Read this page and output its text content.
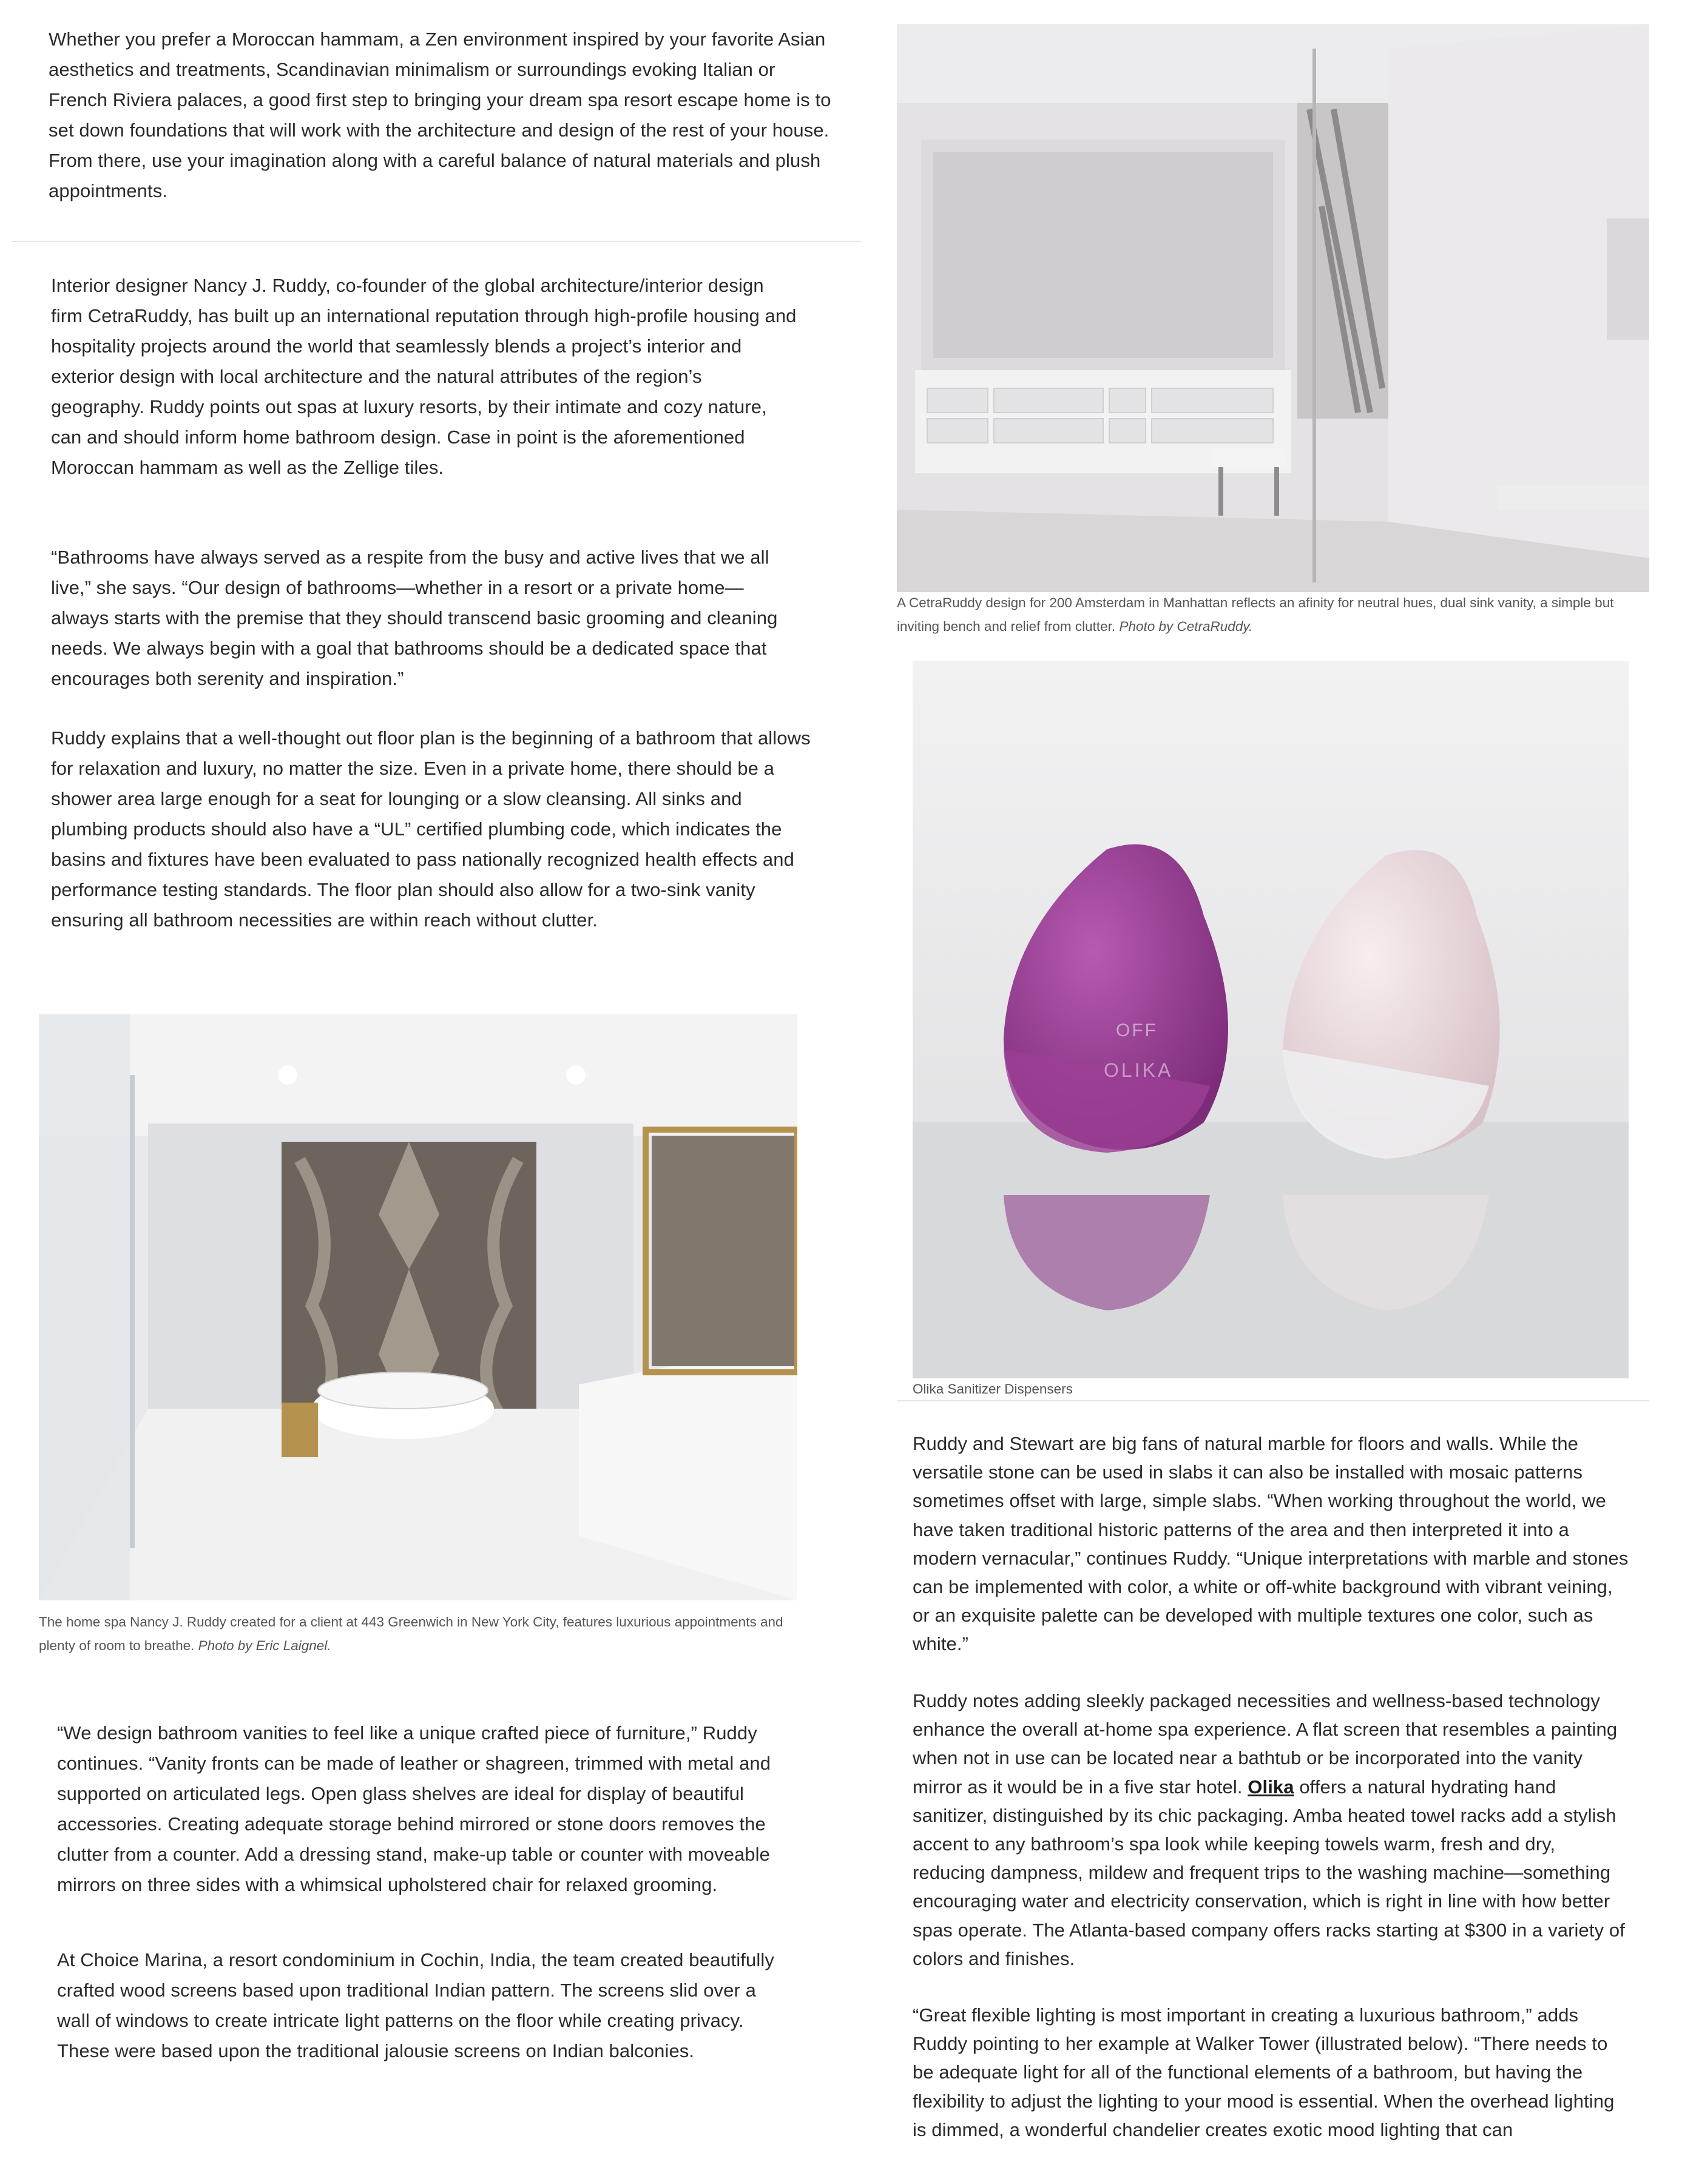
Whether you prefer a Moroccan hammam, a Zen environment inspired by your favorite Asian aesthetics and treatments, Scandinavian minimalism or surroundings evoking Italian or French Riviera palaces, a good first step to bringing your dream spa resort escape home is to set down foundations that will work with the architecture and design of the rest of your house. From there, use your imagination along with a careful balance of natural materials and plush appointments.

Interior designer Nancy J. Ruddy, co-founder of the global architecture/interior design firm CetraRuddy, has built up an international reputation through high-profile housing and hospitality projects around the world that seamlessly blends a project’s interior and exterior design with local architecture and the natural attributes of the region’s geography. Ruddy points out spas at luxury resorts, by their intimate and cozy nature, can and should inform home bathroom design. Case in point is the aforementioned Moroccan hammam as well as the Zellige tiles.

“Bathrooms have always served as a respite from the busy and active lives that we all live,” she says. “Our design of bathrooms—whether in a resort or a private home—always starts with the premise that they should transcend basic grooming and cleaning needs. We always begin with a goal that bathrooms should be a dedicated space that encourages both serenity and inspiration.”

Ruddy explains that a well-thought out floor plan is the beginning of a bathroom that allows for relaxation and luxury, no matter the size. Even in a private home, there should be a shower area large enough for a seat for lounging or a slow cleansing. All sinks and plumbing products should also have a “UL” certified plumbing code, which indicates the basins and fixtures have been evaluated to pass nationally recognized health effects and performance testing standards. The floor plan should also allow for a two-sink vanity ensuring all bathroom necessities are within reach without clutter.

The home spa Nancy J. Ruddy created for a client at 443 Greenwich in New York City, features luxurious appointments and plenty of room to breathe. Photo by Eric Laignel.

“We design bathroom vanities to feel like a unique crafted piece of furniture,” Ruddy continues. “Vanity fronts can be made of leather or shagreen, trimmed with metal and supported on articulated legs. Open glass shelves are ideal for display of beautiful accessories. Creating adequate storage behind mirrored or stone doors removes the clutter from a counter. Add a dressing stand, make-up table or counter with moveable mirrors on three sides with a whimsical upholstered chair for relaxed grooming.

At Choice Marina, a resort condominium in Cochin, India, the team created beautifully crafted wood screens based upon traditional Indian pattern. The screens slid over a wall of windows to create intricate light patterns on the floor while creating privacy. These were based upon the traditional jalousie screens on Indian balconies.

A CetraRuddy design for 200 Amsterdam in Manhattan reflects an afinity for neutral hues, dual sink vanity, a simple but inviting bench and relief from clutter. Photo by CetraRuddy.

OFF
OLIKA
on

Olika Sanitizer Dispensers

Ruddy and Stewart are big fans of natural marble for floors and walls. While the versatile stone can be used in slabs it can also be installed with mosaic patterns sometimes offset with large, simple slabs. “When working throughout the world, we have taken traditional historic patterns of the area and then interpreted it into a modern vernacular,” continues Ruddy. “Unique interpretations with marble and stones can be implemented with color, a white or off-white background with vibrant veining, or an exquisite palette can be developed with multiple textures one color, such as white.”

Ruddy notes adding sleekly packaged necessities and wellness-based technology enhance the overall at-home spa experience. A flat screen that resembles a painting when not in use can be located near a bathtub or be incorporated into the vanity mirror as it would be in a five star hotel. Olika offers a natural hydrating hand sanitizer, distinguished by its chic packaging. Amba heated towel racks add a stylish accent to any bathroom’s spa look while keeping towels warm, fresh and dry, reducing dampness, mildew and frequent trips to the washing machine—something encouraging water and electricity conservation, which is right in line with how better spas operate. The Atlanta-based company offers racks starting at $300 in a variety of colors and finishes.

“Great flexible lighting is most important in creating a luxurious bathroom,” adds Ruddy pointing to her example at Walker Tower (illustrated below). “There needs to be adequate light for all of the functional elements of a bathroom, but having the flexibility to adjust the lighting to your mood is essential. When the overhead lighting is dimmed, a wonderful chandelier creates exotic mood lighting that can
